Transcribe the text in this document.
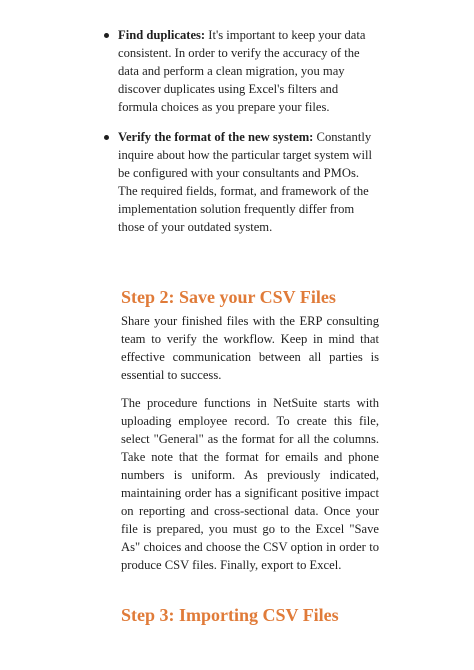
Find duplicates: It's important to keep your data consistent. In order to verify the accuracy of the data and perform a clean migration, you may discover duplicates using Excel's filters and formula choices as you prepare your files.
Verify the format of the new system: Constantly inquire about how the particular target system will be configured with your consultants and PMOs. The required fields, format, and framework of the implementation solution frequently differ from those of your outdated system.
Step 2: Save your CSV Files

Share your finished files with the ERP consulting team to verify the workflow. Keep in mind that effective communication between all parties is essential to success.

The procedure functions in NetSuite starts with uploading employee record. To create this file, select "General" as the format for all the columns. Take note that the format for emails and phone numbers is uniform. As previously indicated, maintaining order has a significant positive impact on reporting and cross-sectional data. Once your file is prepared, you must go to the Excel "Save As" choices and choose the CSV option in order to produce CSV files. Finally, export to Excel.

Step 3: Importing CSV Files
